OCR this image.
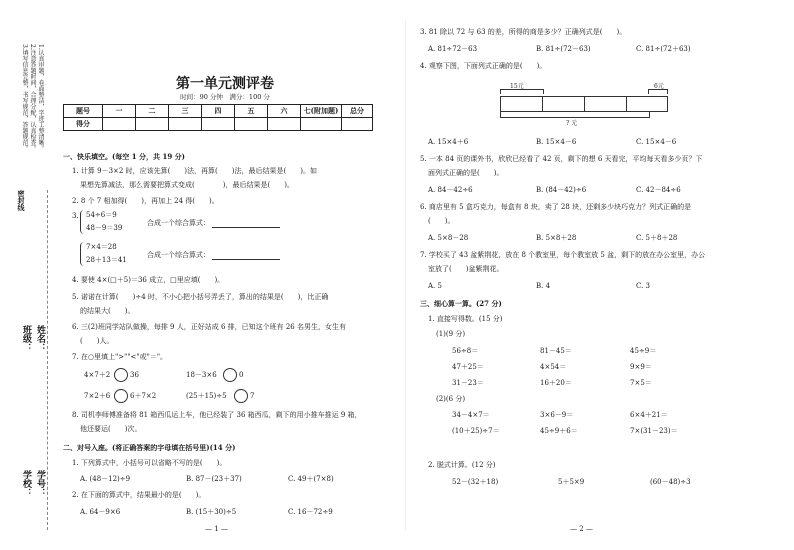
1.认真审题，卷面整洁，字迹工整清晰。
2.注意答题时间，合理分配，认真检查。
3.填写信息完整，书写规范，答题规范。
密封线
班级： 姓名：
学校： 学号：
第一单元测评卷
时间：90 分钟　满分：100 分
题号	一	二	三	四	五	六	七(附加题)	总分
得分								
一、快乐填空。(每空 1 分，共 19 分)
1. 计算 9－3×2 时，应该先算(　　)法，再算(　　)法，最后结果是(　　)。如
果想先算减法，那么需要把算式变成(　　　　)，最后结果是(　　)。
2. 8 个 7 相加得(　　)，再加上 24 得(　　)。
3. 54÷6＝9
48－9＝39
合成一个综合算式：
7×4＝28
28＋13＝41
合成一个综合算式：
4. 要使 4×(□＋5)＝36 成立，□里应填(　　)。
5. 诺诺在计算(　　)÷4 时，不小心把小括号弄丢了，算出的结果是(　　)，比正确
的结果大(　　)。
6. 三(2)班同学站队做操，每排 9 人，正好站成 6 排，已知这个班有 26 名男生，女生有
(　　)人。
7. 在○里填上">""<"或"＝"。
4×7＋2	36	18－3×6	0
7×2＋6	6＋7×2	(25＋15)÷5	7
8. 司机李师傅准备将 81 箱西瓜运上车，他已经装了 36 箱西瓜，剩下的用小推车推运 9 箱，
他还要运(　　)次。
二、对号入座。(将正确答案的字母填在括号里)(14 分)
1. 下列算式中，小括号可以省略不写的是(　　)。
A. (48－12)÷9	B. 87－(23＋37)	C. 49＋(7×8)
2. 在下面的算式中，结果最小的是(　　)。
A. 64－9×6	B. (15＋30)÷5	C. 16－72÷9
— 1 —
3. 81 除以 72 与 63 的差，所得的商是多少？正确列式是(　　)。
A. 81÷72－63	B. 81÷(72－63)	C. 81÷(72＋63)
4. 观察下图，下面列式正确的是(　　)。
15元	6元
? 元
A. 15×4＋6	B. 15×4－6	C. 15×4－6
5. 一本 84 页的课外书，欣欣已经看了 42 页，剩下的想 6 天看完，平均每天看多少页？下
面列式正确的是(　　)。
A. 84－42÷6	B. (84－42)÷6	C. 42－84÷6
6. 商店里有 5 盒巧克力，每盒有 8 块，卖了 28 块，还剩多少块巧克力？列式正确的是
(　　)。
A. 5×8－28	B. 5×8＋28	C. 5＋8＋28
7. 学校买了 43 盆紫荆花，放在 8 个教室里，每个教室放 5 盆，剩下的放在办公室里，办公
室放了(　　)盆紫荆花。
A. 5	B. 4	C. 3
三、细心算一算。(27 分)
1. 直接写得数。(15 分)
(1)(9 分)
56÷8＝	81－45＝	45÷9＝
47＋25＝	4×54＝	9×9＝
31－23＝	16＋20＝	7×5＝
(2)(6 分)
34－4×7＝	3×6－9＝	6×4＋21＝
(10＋25)÷7＝	45÷9＋6＝	7×(31－23)＝
2. 脱式计算。(12 分)
52－(32＋18)	5＋5×9	(60－48)÷3
— 2 —
